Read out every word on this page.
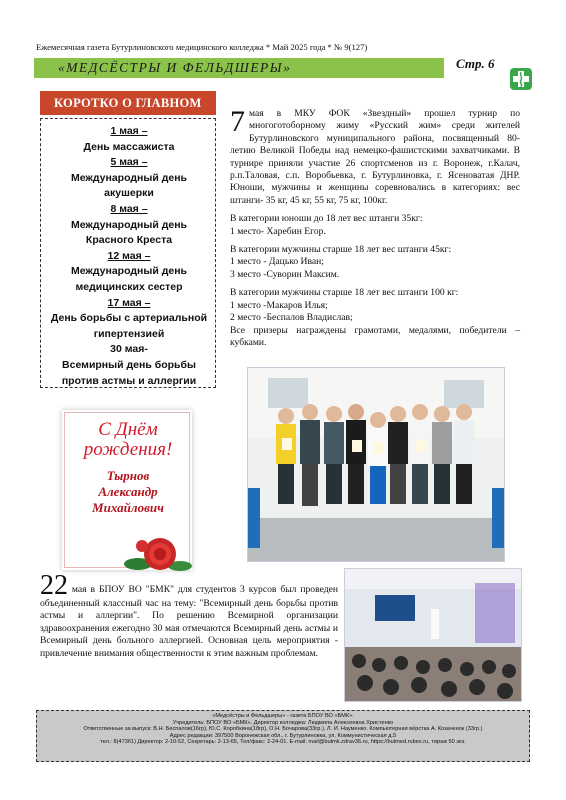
Ежемесячная газета Бутурлиновского медицинского колледжа * Май 2025 года * № 9(127)
«МЕДСЁСТРЫ И ФЕЛЬДШЕРЫ»	Стр. 6
КОРОТКО О ГЛАВНОМ
1 мая –
День массажиста
5 мая –
Международный день акушерки
8 мая –
Международный день Красного Креста
12 мая –
Международный день медицинских сестер
17 мая –
День борьбы с артериальной гипертензией
30 мая-
Всемирный день борьбы против астмы и аллергии
С Днём
рождения!
Тырнов
Александр
Михайлович

7 мая в МКУ ФОК «Звездный» прошел турнир по многоготоборному жиму «Русский жим» среди жителей Бутурлиновского муниципального района, посвященный 80-летию Великой Победы над немецко-фашистскими захватчиками. В турнире приняли участие 26 спортсменов из г. Воронеж, г.Калач, р.п.Таловая, с.п. Воробьевка, г. Бутурлиновка, г. Ясеноватая ДНР. Юноши, мужчины и женщины соревновались в категориях: вес штанги- 35 кг, 45 кг, 55 кг, 75 кг, 100кг.

В категории юноши до 18 лет вес штанги 35кг:
1 место- Харебин Егор.

В категории мужчины старше 18 лет вес штанги 45кг:
1 место - Дацько Иван;
3 место -Суворин Максим.

В категории мужчины старше 18 лет вес штанги 100 кг:
1 место -Макаров Илья;
2 место -Беспалов Владислав;
Все призеры награждены грамотами, медалями, победители –кубками.

22 мая в БПОУ ВО "БМК" для студентов 3 курсов был проведен объединенный классный час на тему: "Всемирный день борьбы против астмы и аллергии". По решению Всемирной организации здравоохранения ежегодно 30 мая отмечаются Всемирный день астмы и Всемирный день больного аллергией. Основная цель мероприятия - привлечение внимания общественности к этим важным проблемам.
«Медсёстры и Фельдшеры» - газета БПОУ ВО «БМК».
Учредитель: БПОУ ВО «БМК». Директор колледжа: Людмила Алексеевна Христенко
Ответственные за выпуск: В.Н. Беспалов(16гр), Ю.С. Коробкина(18гр), О.Н. Бочарова(33гр.), Л. И. Науменко. Компьютерная вёрстка А. Козаченок (33гр.)
Адрес редакции: 397500 Воронежская обл., г. Бутурлиновка, ул. Коммунистическая д.5
тел.: 8(47361) Директор: 2-10-52, Секретарь: 2-13-65, Тел/факс: 2-24-01. E-mail: mail@butmk.zdrav36.ru, https://butmed.rubex.ru, тираж 50 экз.
